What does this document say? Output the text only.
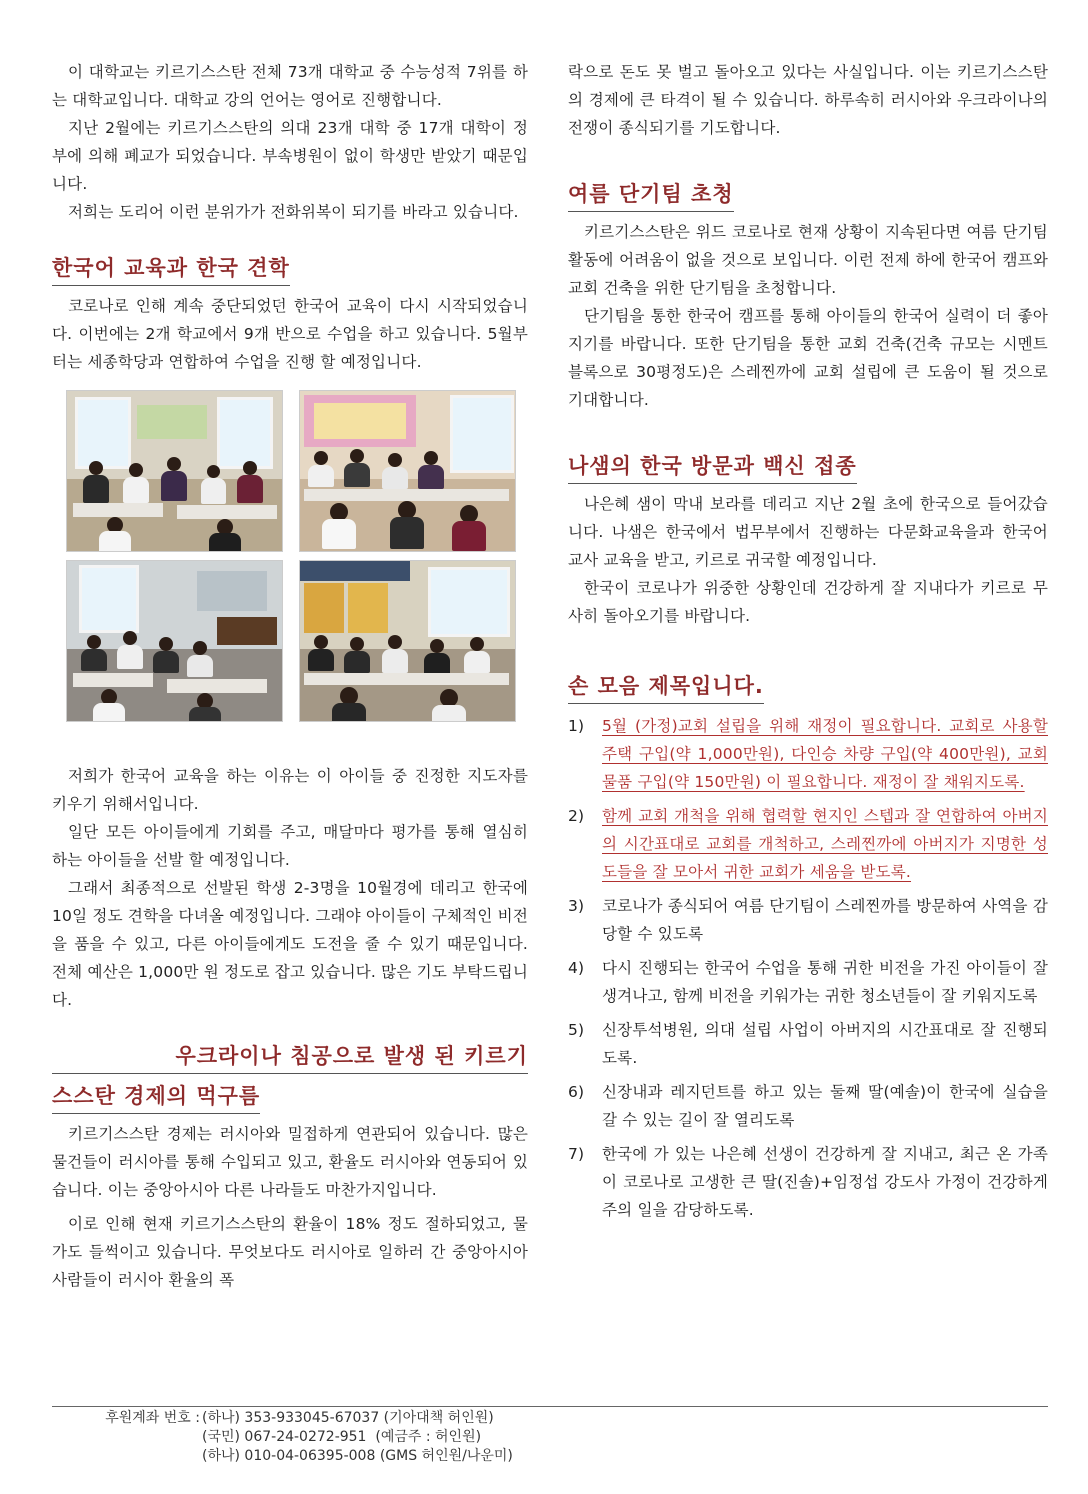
이 대학교는 키르기스스탄 전체 73개 대학교 중 수능성적 7위를 하는 대학교입니다. 대학교 강의 언어는 영어로 진행합니다.

지난 2월에는 키르기스스탄의 의대 23개 대학 중 17개 대학이 정부에 의해 폐교가 되었습니다. 부속병원이 없이 학생만 받았기 때문입니다.

저희는 도리어 이런 분위가가 전화위복이 되기를 바라고 있습니다.

한국어 교육과 한국 견학

코로나로 인해 계속 중단되었던 한국어 교육이 다시 시작되었습니다. 이번에는 2개 학교에서 9개 반으로 수업을 하고 있습니다. 5월부터는 세종학당과 연합하여 수업을 진행 할 예정입니다.

저희가 한국어 교육을 하는 이유는 이 아이들 중 진정한 지도자를 키우기 위해서입니다.

일단 모든 아이들에게 기회를 주고, 매달마다 평가를 통해 열심히 하는 아이들을 선발 할 예정입니다.

그래서 최종적으로 선발된 학생 2-3명을 10월경에 데리고 한국에 10일 정도 견학을 다녀올 예정입니다. 그래야 아이들이 구체적인 비전을 품을 수 있고, 다른 아이들에게도 도전을 줄 수 있기 때문입니다. 전체 예산은 1,000만 원 정도로 잡고 있습니다. 많은 기도 부탁드립니다.

우크라이나 침공으로 발생 된 키르기
스스탄 경제의 먹구름

키르기스스탄 경제는 러시아와 밀접하게 연관되어 있습니다. 많은 물건들이 러시아를 통해 수입되고 있고, 환율도 러시아와 연동되어 있습니다. 이는 중앙아시아 다른 나라들도 마찬가지입니다.

이로 인해 현재 키르기스스탄의 환율이 18% 정도 절하되었고, 물가도 들썩이고 있습니다. 무엇보다도 러시아로 일하러 간 중앙아시아 사람들이 러시아 환율의 폭

락으로 돈도 못 벌고 돌아오고 있다는 사실입니다. 이는 키르기스스탄의 경제에 큰 타격이 될 수 있습니다. 하루속히 러시아와 우크라이나의 전쟁이 종식되기를 기도합니다.

여름 단기팀 초청

키르기스스탄은 위드 코로나로 현재 상황이 지속된다면 여름 단기팀 활동에 어려움이 없을 것으로 보입니다. 이런 전제 하에 한국어 캠프와 교회 건축을 위한 단기팀을 초청합니다.

단기팀을 통한 한국어 캠프를 통해 아이들의 한국어 실력이 더 좋아지기를 바랍니다. 또한 단기팀을 통한 교회 건축(건축 규모는 시멘트 블록으로 30평정도)은 스레찐까에 교회 설립에 큰 도움이 될 것으로 기대합니다.

나샘의 한국 방문과 백신 접종

나은혜 샘이 막내 보라를 데리고 지난 2월 초에 한국으로 들어갔습니다. 나샘은 한국에서 법무부에서 진행하는 다문화교육을과 한국어 교사 교육을 받고, 키르로 귀국할 예정입니다.

한국이 코로나가 위중한 상황인데 건강하게 잘 지내다가 키르로 무사히 돌아오기를 바랍니다.

손 모음 제목입니다.
1) 5월 (가정)교회 설립을 위해 재정이 필요합니다. 교회로 사용할 주택 구입(약 1,000만원), 다인승 차량 구입(약 400만원), 교회 물품 구입(약 150만원) 이 필요합니다. 재정이 잘 채워지도록.
2) 함께 교회 개척을 위해 협력할 현지인 스텝과 잘 연합하여 아버지의 시간표대로 교회를 개척하고, 스레찐까에 아버지가 지명한 성도들을 잘 모아서 귀한 교회가 세움을 받도록.
3) 코로나가 종식되어 여름 단기팀이 스레찐까를 방문하여 사역을 감당할 수 있도록
4) 다시 진행되는 한국어 수업을 통해 귀한 비전을 가진 아이들이 잘 생겨나고, 함께 비전을 키워가는 귀한 청소년들이 잘 키워지도록
5) 신장투석병원, 의대 설립 사업이 아버지의 시간표대로 잘 진행되도록.
6) 신장내과 레지던트를 하고 있는 둘째 딸(예솔)이 한국에 실습을 갈 수 있는 길이 잘 열리도록
7) 한국에 가 있는 나은혜 선생이 건강하게 잘 지내고, 최근 온 가족이 코로나로 고생한 큰 딸(진솔)+임정섭 강도사 가정이 건강하게 주의 일을 감당하도록.
후원계좌 번호 : (하나) 353-933045-67037 (기아대책 허인원)
(국민) 067-24-0272-951  (예금주 : 허인원)
(하나) 010-04-06395-008 (GMS 허인원/나운미)
